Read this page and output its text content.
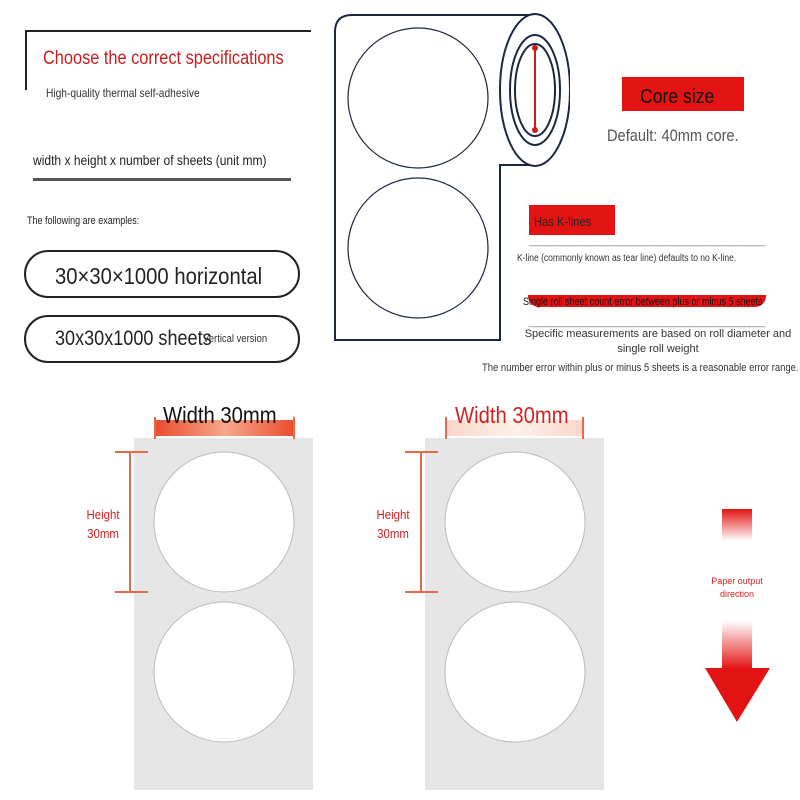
Choose the correct specifications
High-quality thermal self-adhesive
width x height x number of sheets (unit mm)
The following are examples:
30×30×1000 horizontal
30x30x1000 sheets
Vertical version
Core size
Default: 40mm core.
Has K-lines
______________________________________________
K-line (commonly known as tear line) defaults to no K-line.
Single roll sheet count error between plus or minus 5 sheets
______________________________________________
Specific measurements are based on roll diameter and single roll weight
The number error within plus or minus 5 sheets is a reasonable error range.
Width 30mm
Height 30mm
Width 30mm
Height 30mm
Paper output direction
